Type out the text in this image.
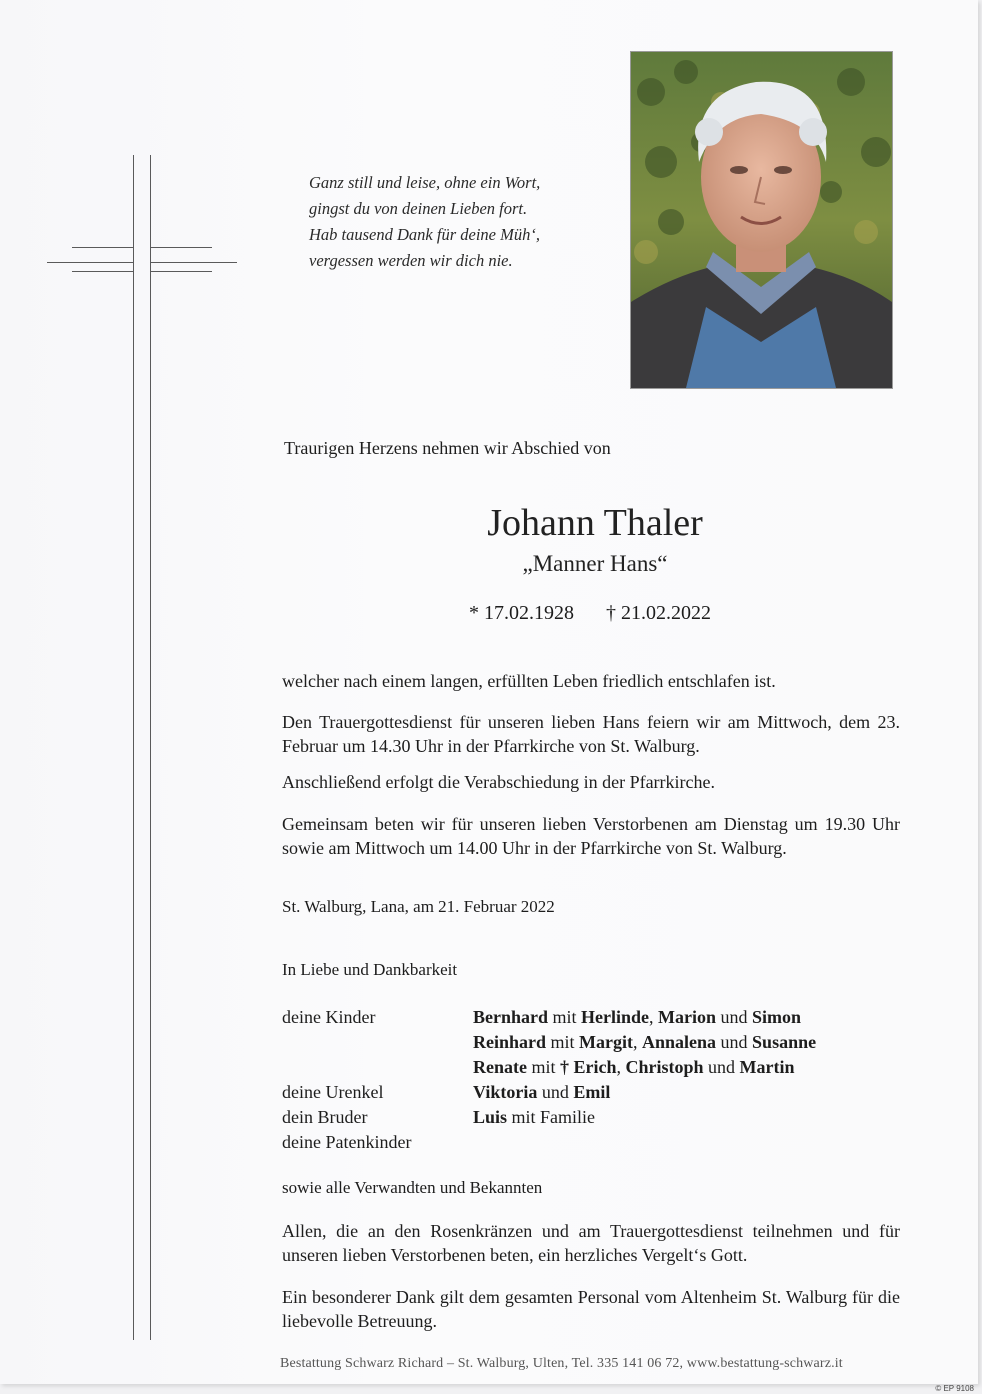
Ganz still und leise, ohne ein Wort,
gingst du von deinen Lieben fort.
Hab tausend Dank für deine Müh‘,
vergessen werden wir dich nie.
Traurigen Herzens nehmen wir Abschied von
Johann Thaler
„Manner Hans“
* 17.02.1928 † 21.02.2022
welcher nach einem langen, erfüllten Leben friedlich entschlafen ist.
Den Trauergottesdienst für unseren lieben Hans feiern wir am Mittwoch, dem 23. Februar um 14.30 Uhr in der Pfarrkirche von St. Walburg.
Anschließend erfolgt die Verabschiedung in der Pfarrkirche.
Gemeinsam beten wir für unseren lieben Verstorbenen am Dienstag um 19.30 Uhr sowie am Mittwoch um 14.00 Uhr in der Pfarrkirche von St. Walburg.
St. Walburg, Lana, am 21. Februar 2022
In Liebe und Dankbarkeit
deine Kinder	Bernhard mit Herlinde, Marion und Simon
Reinhard mit Margit, Annalena und Susanne
Renate mit † Erich, Christoph und Martin
deine Urenkel	Viktoria und Emil
dein Bruder	Luis mit Familie
deine Patenkinder
sowie alle Verwandten und Bekannten
Allen, die an den Rosenkränzen und am Trauergottesdienst teilnehmen und für unseren lieben Verstorbenen beten, ein herzliches Vergelt‘s Gott.
Ein besonderer Dank gilt dem gesamten Personal vom Altenheim St. Walburg für die liebevolle Betreuung.
Bestattung Schwarz Richard – St. Walburg, Ulten, Tel. 335 141 06 72, www.bestattung-schwarz.it
© EP 9108
